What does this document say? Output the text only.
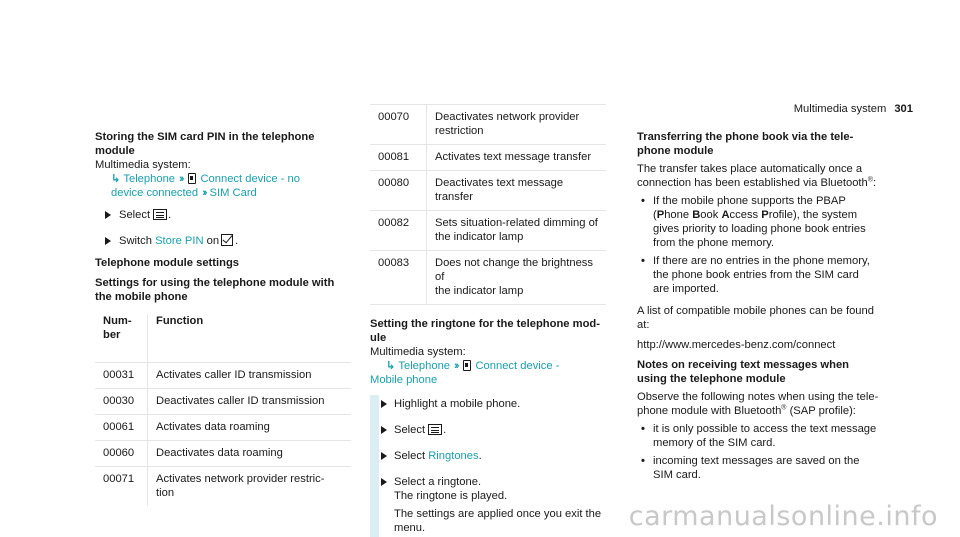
Multimedia system 301
Storing the SIM card PIN in the telephone
module
Multimedia system:
↳ Telephone ›› Connect device - no
device connected ›› SIM Card
Select .
Switch Store PIN on .
Telephone module settings
Settings for using the telephone module with
the mobile phone
Num-
ber	Function
00031	Activates caller ID transmission
00030	Deactivates caller ID transmission
00061	Activates data roaming
00060	Deactivates data roaming
00071	Activates network provider restric-
tion
00070	Deactivates network provider
restriction
00081	Activates text message transfer
00080	Deactivates text message transfer
00082	Sets situation-related dimming of
the indicator lamp
00083	Does not change the brightness of
the indicator lamp
Setting the ringtone for the telephone mod-
ule
Multimedia system:
↳ Telephone ›› Connect device -
Mobile phone
Highlight a mobile phone.
Select .
Select Ringtones.
Select a ringtone.
The ringtone is played.
The settings are applied once you exit the
menu.
Transferring the phone book via the tele-
phone module
The transfer takes place automatically once a
connection has been established via Bluetooth®:
• If the mobile phone supports the PBAP
(Phone Book Access Profile), the system
gives priority to loading phone book entries
from the phone memory.
• If there are no entries in the phone memory,
the phone book entries from the SIM card
are imported.
A list of compatible mobile phones can be found
at:
http://www.mercedes-benz.com/connect
Notes on receiving text messages when
using the telephone module
Observe the following notes when using the tele-
phone module with Bluetooth® (SAP profile):
• it is only possible to access the text message
memory of the SIM card.
• incoming text messages are saved on the
SIM card.
carmanualsonline.info
